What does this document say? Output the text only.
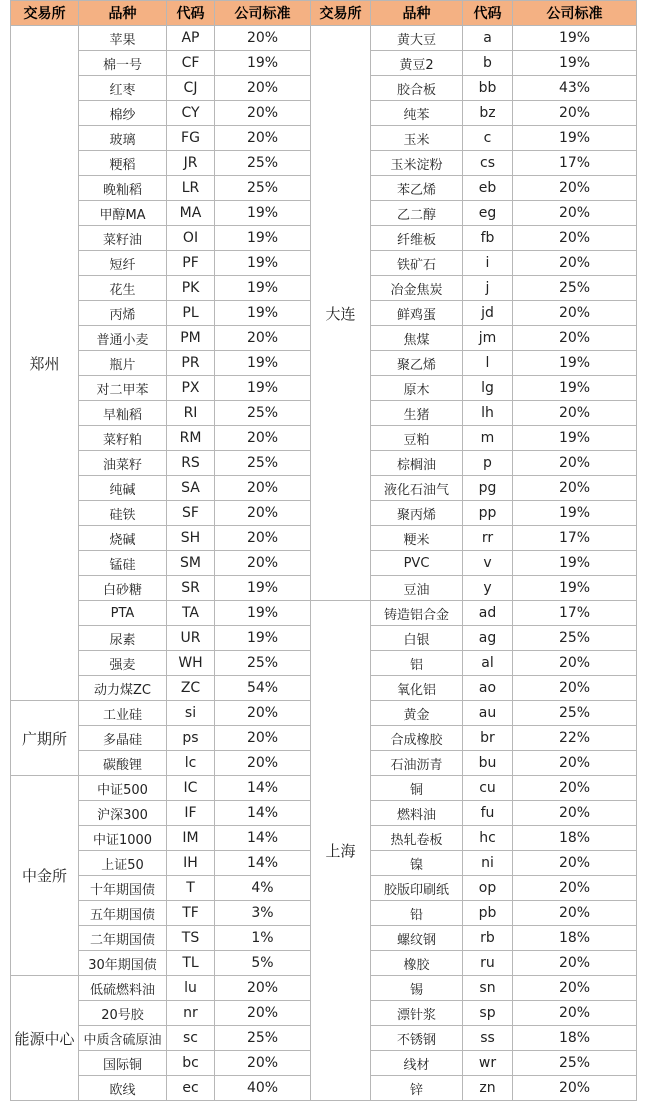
交易所	品种	代码	公司标准	交易所	品种	代码	公司标准
郑州	苹果	AP	20%	大连	黄大豆	a	19%
	棉一号	CF	19%		黄豆2	b	19%
	红枣	CJ	20%		胶合板	bb	43%
	棉纱	CY	20%		纯苯	bz	20%
	玻璃	FG	20%		玉米	c	19%
	粳稻	JR	25%		玉米淀粉	cs	17%
	晚籼稻	LR	25%		苯乙烯	eb	20%
	甲醇MA	MA	19%		乙二醇	eg	20%
	菜籽油	OI	19%		纤维板	fb	20%
	短纤	PF	19%		铁矿石	i	20%
	花生	PK	19%		冶金焦炭	j	25%
	丙烯	PL	19%		鲜鸡蛋	jd	20%
	普通小麦	PM	20%		焦煤	jm	20%
	瓶片	PR	19%		聚乙烯	l	19%
	对二甲苯	PX	19%		原木	lg	19%
	早籼稻	RI	25%		生猪	lh	20%
	菜籽粕	RM	20%		豆粕	m	19%
	油菜籽	RS	25%		棕榈油	p	20%
	纯碱	SA	20%		液化石油气	pg	20%
	硅铁	SF	20%		聚丙烯	pp	19%
	烧碱	SH	20%		粳米	rr	17%
	锰硅	SM	20%		PVC	v	19%
	白砂糖	SR	19%		豆油	y	19%
	PTA	TA	19%	上海	铸造铝合金	ad	17%
	尿素	UR	19%		白银	ag	25%
	强麦	WH	25%		铝	al	20%
	动力煤ZC	ZC	54%		氧化铝	ao	20%
广期所	工业硅	si	20%		黄金	au	25%
	多晶硅	ps	20%		合成橡胶	br	22%
	碳酸锂	lc	20%		石油沥青	bu	20%
中金所	中证500	IC	14%		铜	cu	20%
	沪深300	IF	14%		燃料油	fu	20%
	中证1000	IM	14%		热轧卷板	hc	18%
	上证50	IH	14%		镍	ni	20%
	十年期国债	T	4%		胶版印刷纸	op	20%
	五年期国债	TF	3%		铅	pb	20%
	二年期国债	TS	1%		螺纹钢	rb	18%
	30年期国债	TL	5%		橡胶	ru	20%
能源中心	低硫燃料油	lu	20%		锡	sn	20%
	20号胶	nr	20%		漂针浆	sp	20%
	中质含硫原油	sc	25%		不锈钢	ss	18%
	国际铜	bc	20%		线材	wr	25%
	欧线	ec	40%		锌	zn	20%
